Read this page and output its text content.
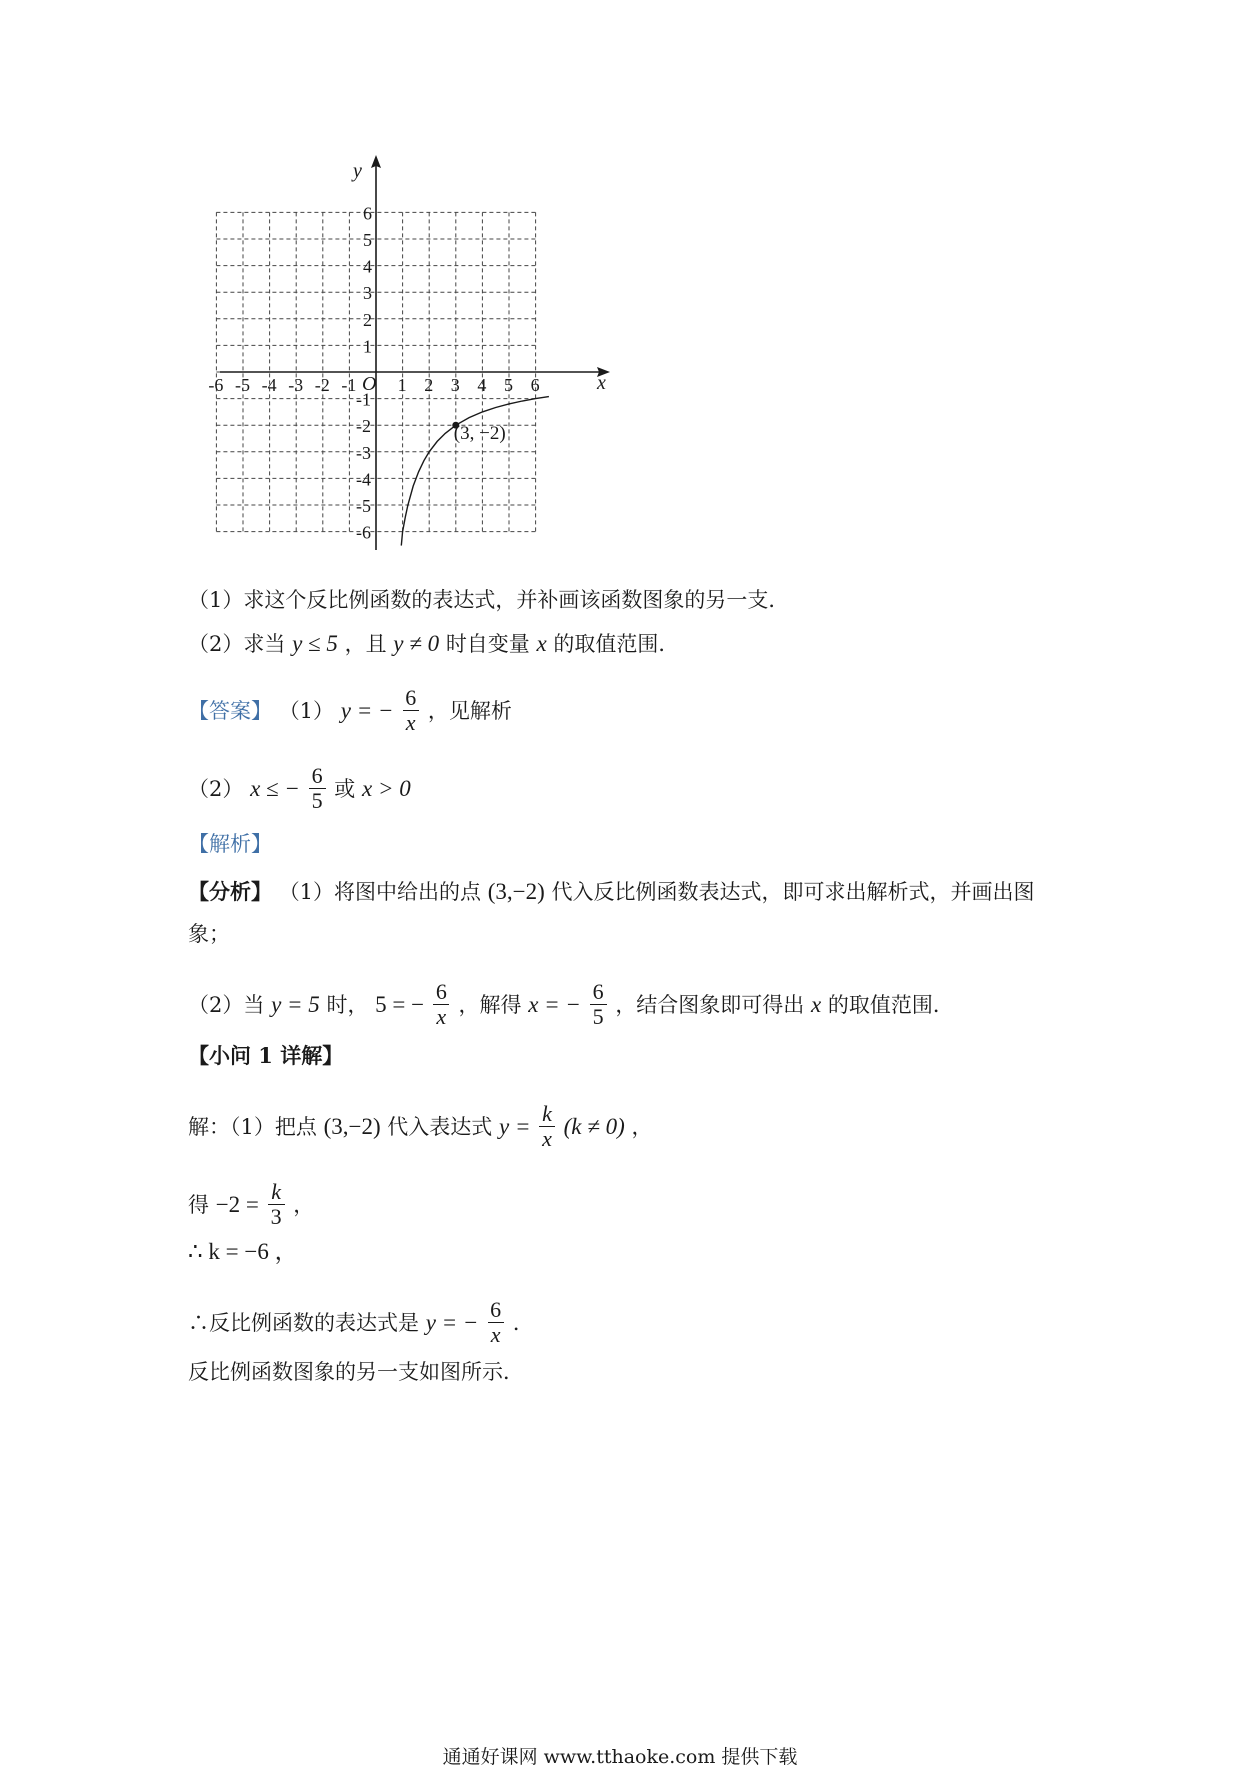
x
y
O
-6 -5 -4 -3 -2 -1 1 2 3 4 5 6
6
5
4
3
2
1
-1
-2
-3
-4
-5
-6
(3, −2)
（1）求这个反比例函数的表达式，并补画该函数图象的另一支．
（2）求当 y ≤ 5 ，且 y ≠ 0 时自变量 x 的取值范围．
【答案】 （1） y = − $\frac{6}{x}$ ，见解析
（2） x ≤ − $\frac{6}{5}$ 或 x > 0
【解析】
【分析】 （1）将图中给出的点 (3,−2) 代入反比例函数表达式，即可求出解析式，并画出图
象；
（2）当 y = 5 时， 5 = − $\frac{6}{x}$ ，解得 x = − $\frac{6}{5}$ ，结合图象即可得出 x 的取值范围．
【小问 1 详解】
解：（1）把点 (3,−2) 代入表达式 $y = \frac{k}{x} (k \ne 0)$ ，
得 $-2 = \frac{k}{3}$ ，
∴ k = −6 ，
∴反比例函数的表达式是 y = − $\frac{6}{x}$ ．
反比例函数图象的另一支如图所示．
通通好课网 www.tthaoke.com 提供下载
